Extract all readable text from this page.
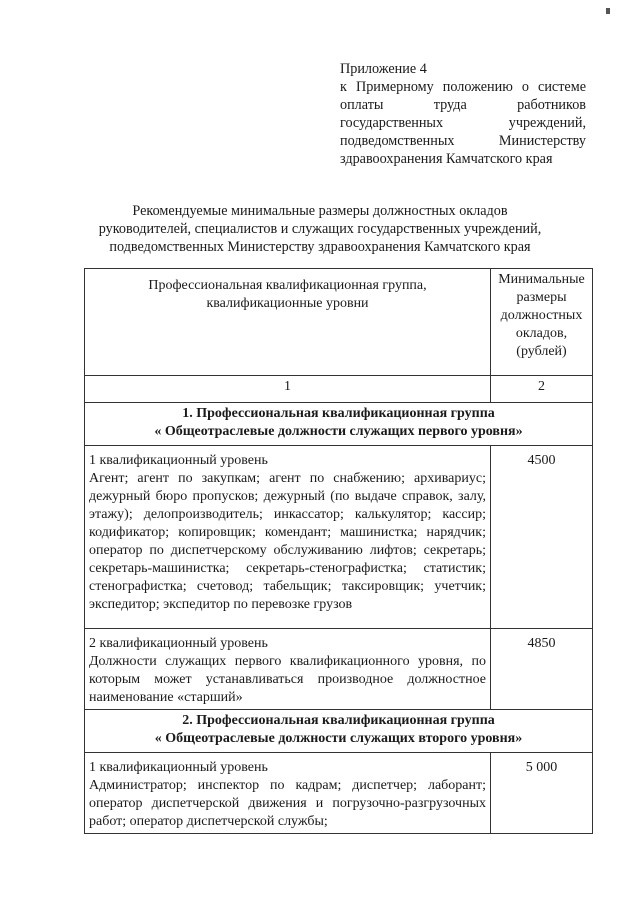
Приложение 4
к Примерному положению о системе
оплаты труда работников
государственных учреждений,
подведомственных Министерству
здравоохранения Камчатского края
Рекомендуемые минимальные размеры должностных окладов
руководителей, специалистов и служащих государственных учреждений,
подведомственных Министерству здравоохранения Камчатского края
Профессиональная квалификационная группа, квалификационные уровни	Минимальные размеры должностных окладов, (рублей)
1	2

1. Профессиональная квалификационная группа
« Общеотраслевые должности служащих первого уровня»	

1 квалификационный уровень
Агент; агент по закупкам; агент по снабжению; архивариус; дежурный бюро пропусков; дежурный (по выдаче справок, залу, этажу); делопроизводитель; инкассатор; калькулятор; кассир; кодификатор; копировщик; комендант; машинистка; нарядчик; оператор по диспетчерскому обслуживанию лифтов; секретарь; секретарь-машинистка; секретарь-стенографистка; статистик; стенографистка; счетовод; табельщик; таксировщик; учетчик; экспедитор; экспедитор по перевозке грузов	4500

2 квалификационный уровень
Должности служащих первого квалификационного уровня, по которым может устанавливаться производное должностное наименование «старший»	4850

2. Профессиональная квалификационная группа
« Общеотраслевые должности служащих второго уровня»	

1 квалификационный уровень
Администратор; инспектор по кадрам; диспетчер; лаборант; оператор диспетчерской движения и погрузочно-разгрузочных работ; оператор диспетчерской службы;	5 000
